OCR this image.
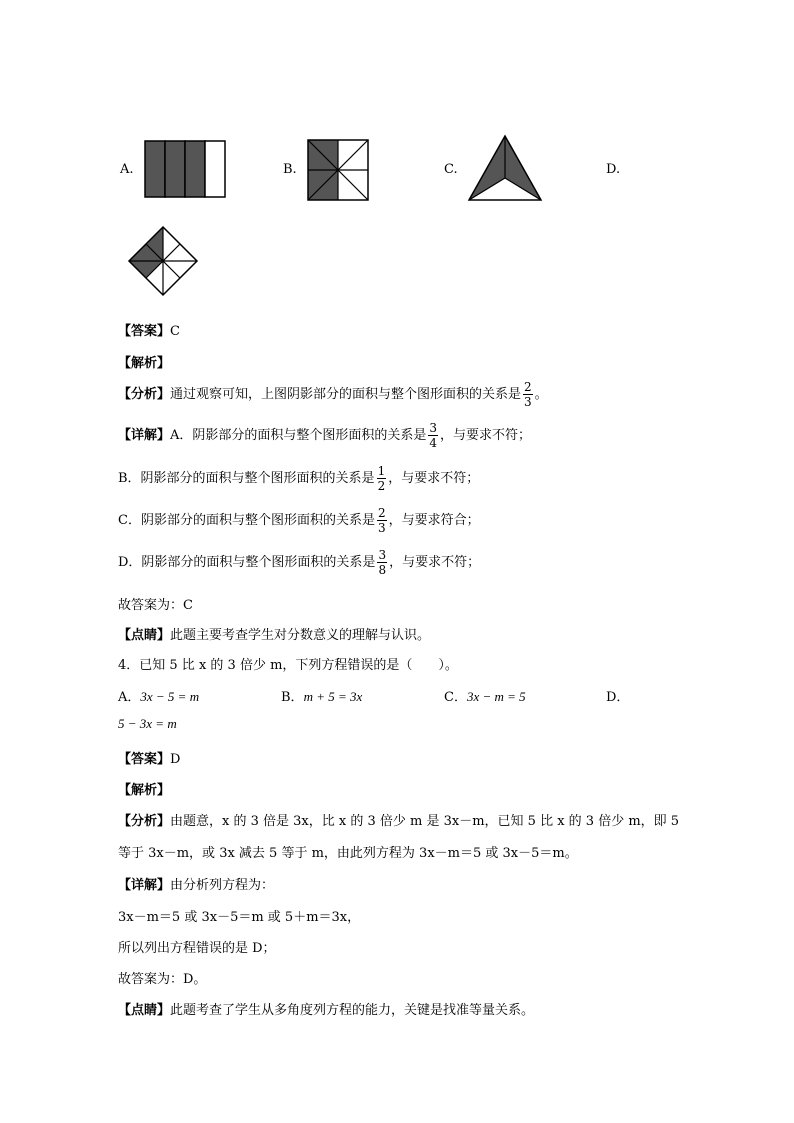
A.	B.	C.	D.
【答案】C
【解析】
【分析】通过观察可知，上图阴影部分的面积与整个图形面积的关系是 $\frac{2}{3}$ 。
【详解】A．阴影部分的面积与整个图形面积的关系是 $\frac{3}{4}$ ，与要求不符；
B．阴影部分的面积与整个图形面积的关系是 $\frac{1}{2}$ ，与要求不符；
C．阴影部分的面积与整个图形面积的关系是 $\frac{2}{3}$ ，与要求符合；
D．阴影部分的面积与整个图形面积的关系是 $\frac{3}{8}$ ，与要求不符；
故答案为：C
【点睛】此题主要考查学生对分数意义的理解与认识。
4．已知 5 比 x 的 3 倍少 m，下列方程错误的是（　　）。
A．3x − 5 = m	B．m + 5 = 3x	C．3x − m = 5	D．
5 − 3x = m
【答案】D
【解析】
【分析】由题意，x 的 3 倍是 3x，比 x 的 3 倍少 m 是 3x－m，已知 5 比 x 的 3 倍少 m，即 5
等于 3x－m，或 3x 减去 5 等于 m，由此列方程为 3x－m＝5 或 3x－5＝m。
【详解】由分析列方程为：
3x－m＝5 或 3x－5＝m 或 5＋m＝3x，
所以列出方程错误的是 D；
故答案为：D。
【点睛】此题考查了学生从多角度列方程的能力，关键是找准等量关系。
